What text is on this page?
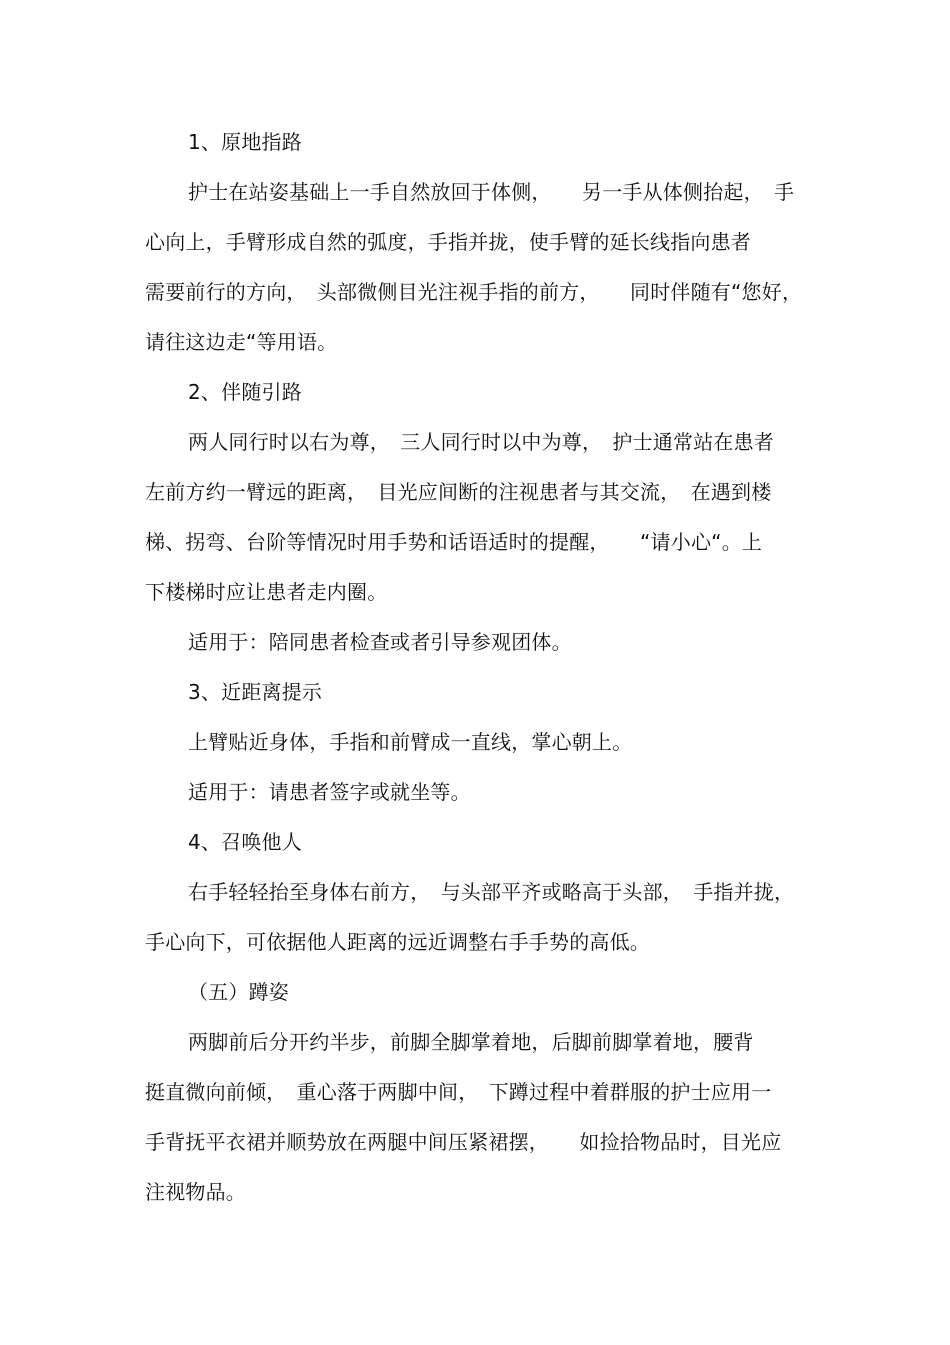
1、原地指路
护士在站姿基础上一手自然放回于体侧，　　另一手从体侧抬起，　手
心向上，手臂形成自然的弧度，手指并拢，使手臂的延长线指向患者
需要前行的方向，　头部微侧目光注视手指的前方，　　同时伴随有“您好，
请往这边走“等用语。
2、伴随引路
两人同行时以右为尊，　三人同行时以中为尊，　护士通常站在患者
左前方约一臂远的距离，　目光应间断的注视患者与其交流，　在遇到楼
梯、拐弯、台阶等情况时用手势和话语适时的提醒，　　“请小心“。上
下楼梯时应让患者走内圈。
适用于：陪同患者检查或者引导参观团体。
3、近距离提示
上臂贴近身体，手指和前臂成一直线，掌心朝上。
适用于：请患者签字或就坐等。
4、召唤他人
右手轻轻抬至身体右前方，　与头部平齐或略高于头部，　手指并拢，
手心向下，可依据他人距离的远近调整右手手势的高低。
（五）蹲姿
两脚前后分开约半步，前脚全脚掌着地，后脚前脚掌着地，腰背
挺直微向前倾，　重心落于两脚中间，　下蹲过程中着群服的护士应用一
手背抚平衣裙并顺势放在两腿中间压紧裙摆，　　如捡拾物品时，目光应
注视物品。
